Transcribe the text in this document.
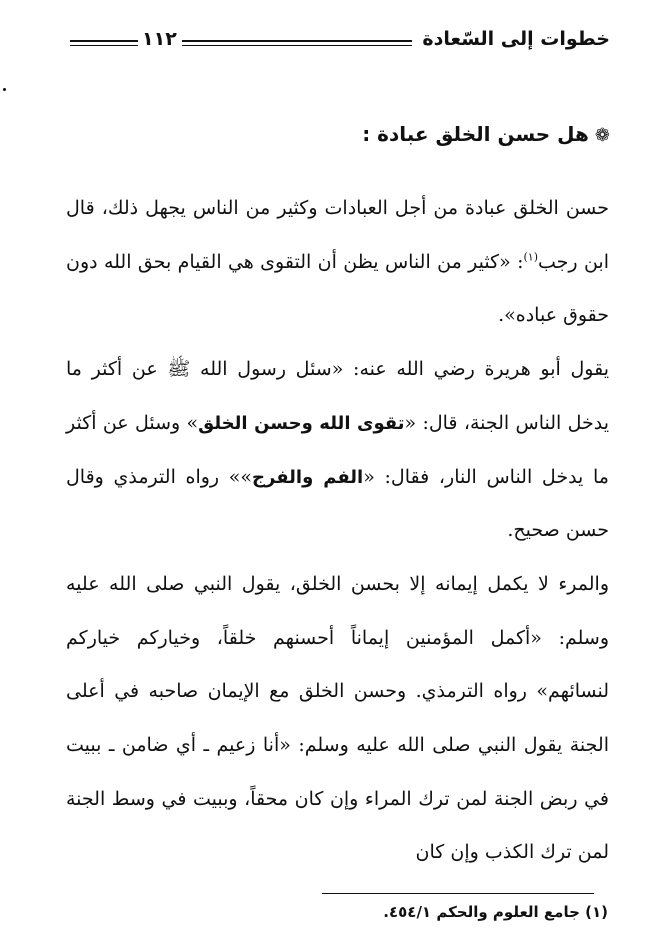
خطوات إلى السّعادة
١١٢
❁هل حسن الخلق عبادة :

حسن الخلق عبادة من أجل العبادات وكثير من الناس يجهل ذلك، قال ابن رجب$^{(١)}$: «كثير من الناس يظن أن التقوى هي القيام بحق الله دون حقوق عباده».

يقول أبو هريرة رضي الله عنه: «سئل رسول الله ﷺ عن أكثر ما يدخل الناس الجنة، قال: «تقوى الله وحسن الخلق» وسئل عن أكثر ما يدخل الناس النار، فقال: «الفم والفرج»» رواه الترمذي وقال حسن صحيح.

والمرء لا يكمل إيمانه إلا بحسن الخلق، يقول النبي صلى الله عليه وسلم: «أكمل المؤمنين إيماناً أحسنهم خلقاً، وخياركم خياركم لنسائهم» رواه الترمذي. وحسن الخلق مع الإيمان صاحبه في أعلى الجنة يقول النبي صلى الله عليه وسلم: «أنا زعيم ـ أي ضامن ـ ببيت في ربض الجنة لمن ترك المراء وإن كان محقاً، وببيت في وسط الجنة لمن ترك الكذب وإن كان

(١) جامع العلوم والحكم ٤٥٤/١.
